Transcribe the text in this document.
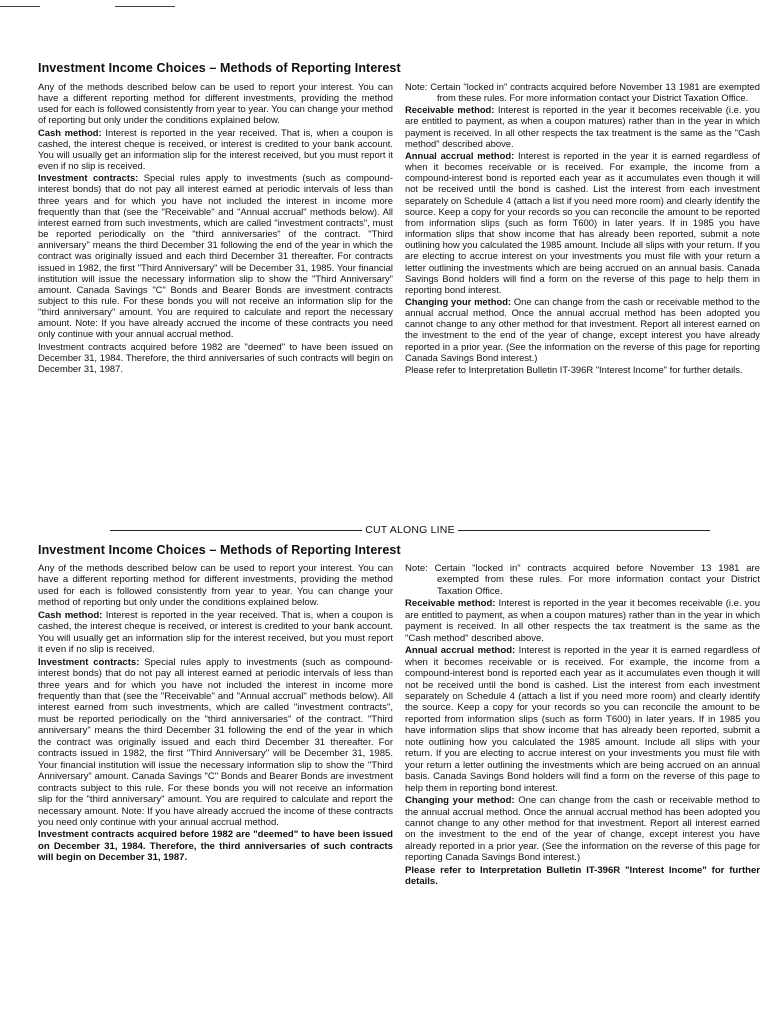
Investment Income Choices – Methods of Reporting Interest

Any of the methods described below can be used to report your interest. You can have a different reporting method for different investments, providing the method used for each is followed consistently from year to year. You can change your method of reporting but only under the conditions explained below.

Cash method: Interest is reported in the year received. That is, when a coupon is cashed, the interest cheque is received, or interest is credited to your bank account. You will usually get an information slip for the interest received, but you must report it even if no slip is received.

Investment contracts: Special rules apply to investments (such as compound-interest bonds) that do not pay all interest earned at periodic intervals of less than three years and for which you have not included the interest in income more frequently than that (see the "Receivable" and "Annual accrual" methods below). All interest earned from such investments, which are called "investment contracts", must be reported periodically on the "third anniversaries" of the contract. "Third anniversary" means the third December 31 following the end of the year in which the contract was originally issued and each third December 31 thereafter. For contracts issued in 1982, the first "Third Anniversary" will be December 31, 1985. Your financial institution will issue the necessary information slip to show the "Third Anniversary" amount. Canada Savings "C" Bonds and Bearer Bonds are investment contracts subject to this rule. For these bonds you will not receive an information slip for the "third anniversary" amount. You are required to calculate and report the necessary amount. Note: If you have already accrued the income of these contracts you need only continue with your annual accrual method.

Investment contracts acquired before 1982 are "deemed" to have been issued on December 31, 1984. Therefore, the third anniversaries of such contracts will begin on December 31, 1987.

Note: Certain "locked in" contracts acquired before November 13 1981 are exempted from these rules. For more information contact your District Taxation Office.

Receivable method: Interest is reported in the year it becomes receivable (i.e. you are entitled to payment, as when a coupon matures) rather than in the year in which payment is received. In all other respects the tax treatment is the same as the "Cash method" described above.

Annual accrual method: Interest is reported in the year it is earned regardless of when it becomes receivable or is received. For example, the income from a compound-interest bond is reported each year as it accumulates even though it will not be received until the bond is cashed. List the interest from each investment separately on Schedule 4 (attach a list if you need more room) and clearly identify the source. Keep a copy for your records so you can reconcile the amount to be reported from information slips (such as form T600) in later years. If in 1985 you have information slips that show income that has already been reported, submit a note outlining how you calculated the 1985 amount. Include all slips with your return. If you are electing to accrue interest on your investments you must file with your return a letter outlining the investments which are being accrued on an annual basis. Canada Savings Bond holders will find a form on the reverse of this page to help them in reporting bond interest.

Changing your method: One can change from the cash or receivable method to the annual accrual method. Once the annual accrual method has been adopted you cannot change to any other method for that investment. Report all interest earned on the investment to the end of the year of change, except interest you have already reported in a prior year. (See the information on the reverse of this page for reporting Canada Savings Bond interest.)

Please refer to Interpretation Bulletin IT-396R "Interest Income" for further details.

CUT ALONG LINE
Investment Income Choices – Methods of Reporting Interest

Any of the methods described below can be used to report your interest. You can have a different reporting method for different investments, providing the method used for each is followed consistently from year to year. You can change your method of reporting but only under the conditions explained below.

Cash method: Interest is reported in the year received. That is, when a coupon is cashed, the interest cheque is received, or interest is credited to your bank account. You will usually get an information slip for the interest received, but you must report it even if no slip is received.

Investment contracts: Special rules apply to investments (such as compound-interest bonds) that do not pay all interest earned at periodic intervals of less than three years and for which you have not included the interest in income more frequently than that (see the "Receivable" and "Annual accrual" methods below). All interest earned from such investments, which are called "investment contracts", must be reported periodically on the "third anniversaries" of the contract. "Third anniversary" means the third December 31 following the end of the year in which the contract was originally issued and each third December 31 thereafter. For contracts issued in 1982, the first "Third Anniversary" will be December 31, 1985. Your financial institution will issue the necessary information slip to show the "Third Anniversary" amount. Canada Savings "C" Bonds and Bearer Bonds are investment contracts subject to this rule. For these bonds you will not receive an information slip for the "third anniversary" amount. You are required to calculate and report the necessary amount. Note: If you have already accrued the income of these contracts you need only continue with your annual accrual method.

Investment contracts acquired before 1982 are "deemed" to have been issued on December 31, 1984. Therefore, the third anniversaries of such contracts will begin on December 31, 1987.

Note: Certain "locked in" contracts acquired before November 13 1981 are exempted from these rules. For more information contact your District Taxation Office.

Receivable method: Interest is reported in the year it becomes receivable (i.e. you are entitled to payment, as when a coupon matures) rather than in the year in which payment is received. In all other respects the tax treatment is the same as the "Cash method" described above.

Annual accrual method: Interest is reported in the year it is earned regardless of when it becomes receivable or is received. For example, the income from a compound-interest bond is reported each year as it accumulates even though it will not be received until the bond is cashed. List the interest from each investment separately on Schedule 4 (attach a list if you need more room) and clearly identify the source. Keep a copy for your records so you can reconcile the amount to be reported from information slips (such as form T600) in later years. If in 1985 you have information slips that show income that has already been reported, submit a note outlining how you calculated the 1985 amount. Include all slips with your return. If you are electing to accrue interest on your investments you must file with your return a letter outlining the investments which are being accrued on an annual basis. Canada Savings Bond holders will find a form on the reverse of this page to help them in reporting bond interest.

Changing your method: One can change from the cash or receivable method to the annual accrual method. Once the annual accrual method has been adopted you cannot change to any other method for that investment. Report all interest earned on the investment to the end of the year of change, except interest you have already reported in a prior year. (See the information on the reverse of this page for reporting Canada Savings Bond interest.)

Please refer to Interpretation Bulletin IT-396R "Interest Income" for further details.
